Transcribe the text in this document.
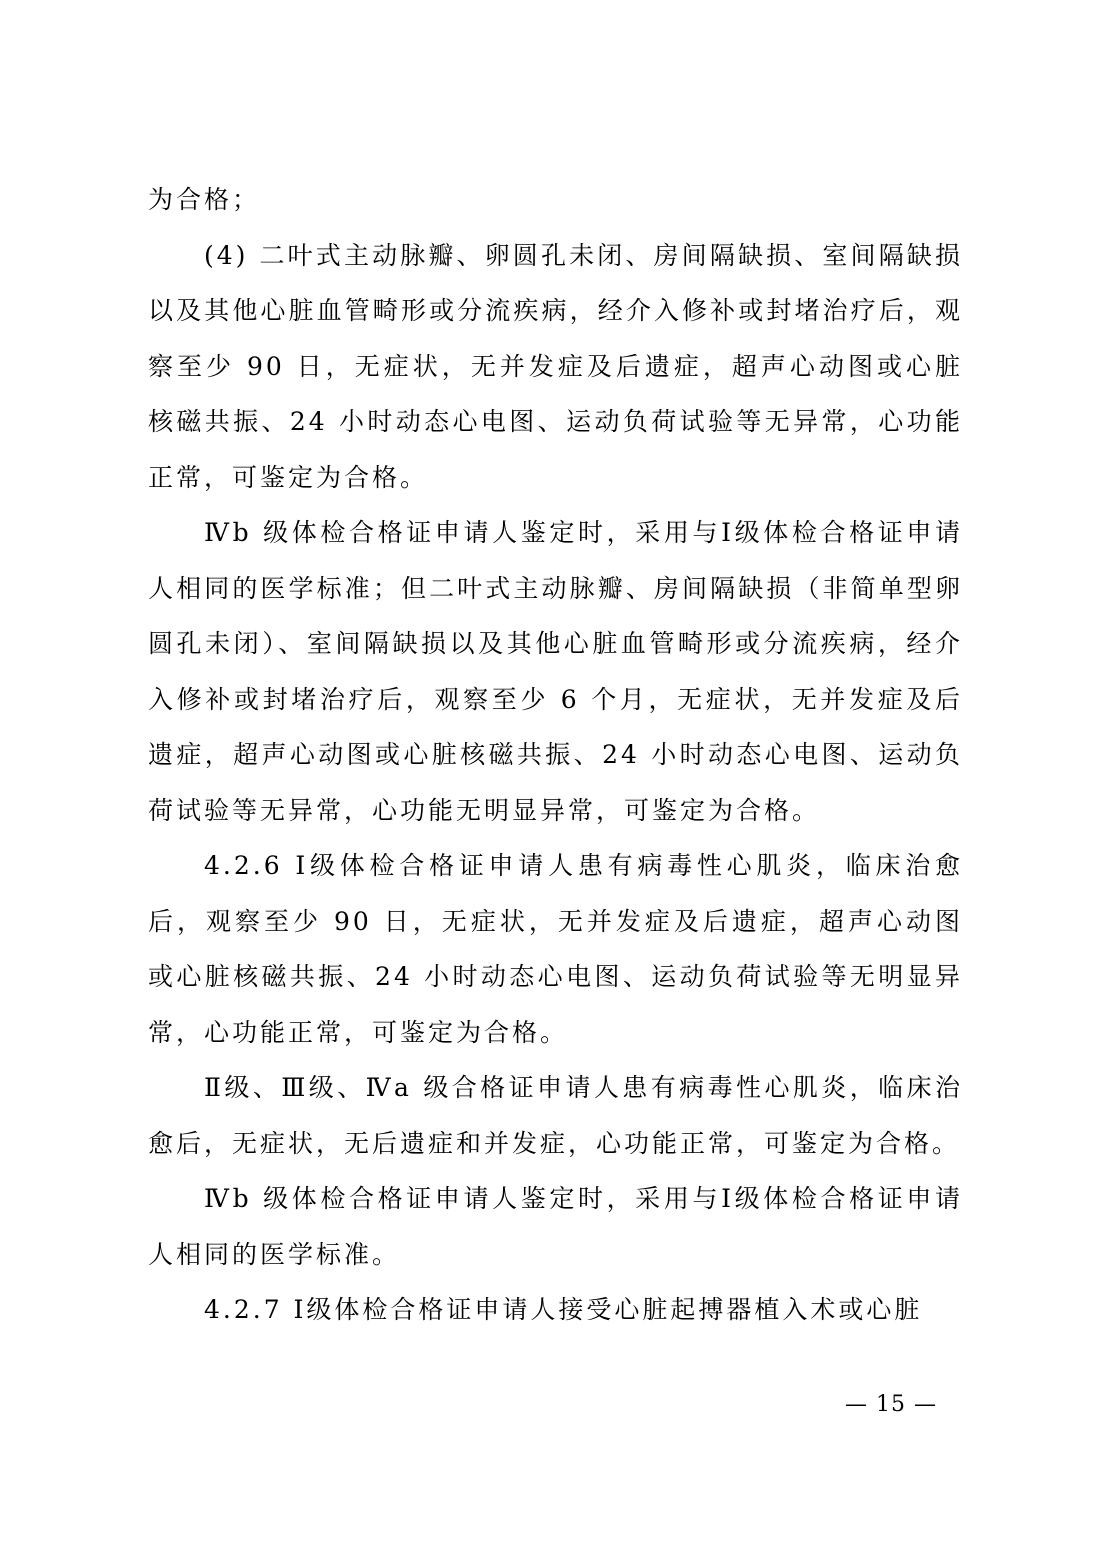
为合格；

(4) 二叶式主动脉瓣、卵圆孔未闭、房间隔缺损、室间隔缺损以及其他心脏血管畸形或分流疾病，经介入修补或封堵治疗后，观察至少 90 日，无症状，无并发症及后遗症，超声心动图或心脏核磁共振、24 小时动态心电图、运动负荷试验等无异常，心功能正常，可鉴定为合格。

Ⅳb 级体检合格证申请人鉴定时，采用与Ⅰ级体检合格证申请人相同的医学标准；但二叶式主动脉瓣、房间隔缺损（非简单型卵圆孔未闭）、室间隔缺损以及其他心脏血管畸形或分流疾病，经介入修补或封堵治疗后，观察至少 6 个月，无症状，无并发症及后遗症，超声心动图或心脏核磁共振、24 小时动态心电图、运动负荷试验等无异常，心功能无明显异常，可鉴定为合格。

4.2.6 Ⅰ级体检合格证申请人患有病毒性心肌炎，临床治愈后，观察至少 90 日，无症状，无并发症及后遗症，超声心动图或心脏核磁共振、24 小时动态心电图、运动负荷试验等无明显异常，心功能正常，可鉴定为合格。

Ⅱ级、Ⅲ级、Ⅳa 级合格证申请人患有病毒性心肌炎，临床治愈后，无症状，无后遗症和并发症，心功能正常，可鉴定为合格。

Ⅳb 级体检合格证申请人鉴定时，采用与Ⅰ级体检合格证申请人相同的医学标准。

4.2.7 Ⅰ级体检合格证申请人接受心脏起搏器植入术或心脏

— 15 —
